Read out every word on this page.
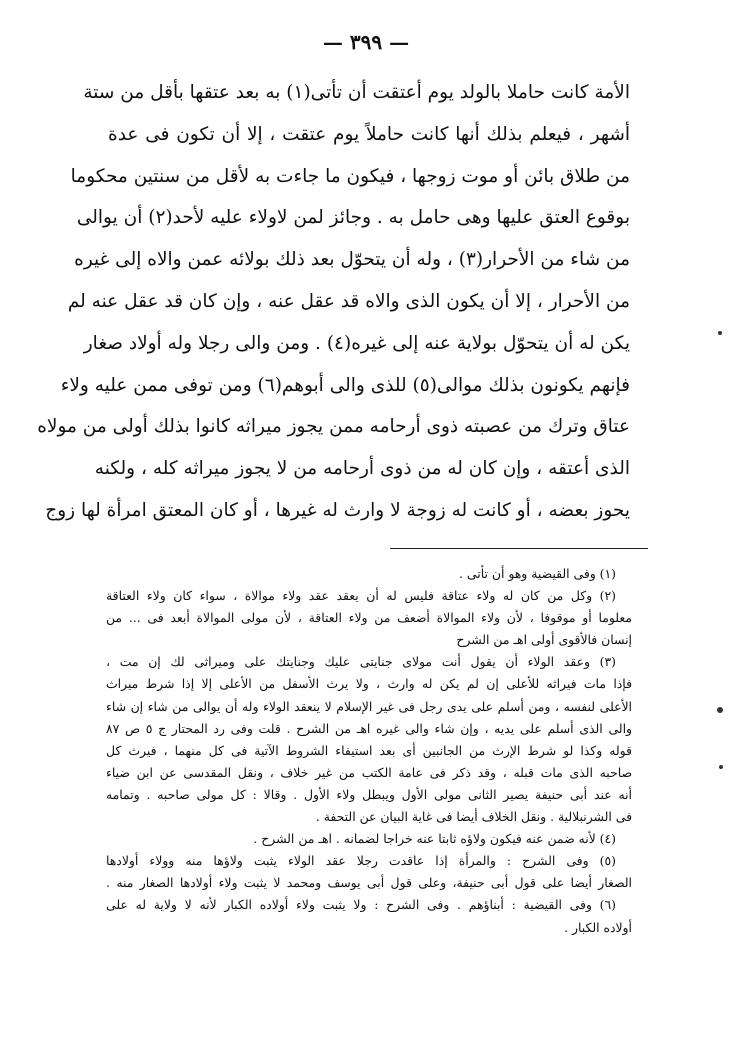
— ٣٩٩ —
الأمة كانت حاملا بالولد يوم أعتقت أن تأتى(١) به بعد عتقها بأقل من ستة
أشهر ، فيعلم بذلك أنها كانت حاملاً يوم عتقت ، إلا أن تكون فى عدة
من طلاق بائن أو موت زوجها ، فيكون ما جاءت به لأقل من سنتين محكوما
بوقوع العتق عليها وهى حامل به . وجائز لمن لاولاء عليه لأحد(٢) أن يوالى
من شاء من الأحرار(٣) ، وله أن يتحوّل بعد ذلك بولائه عمن والاه إلى غيره
من الأحرار ، إلا أن يكون الذى والاه قد عقل عنه ، وإن كان قد عقل عنه لم
يكن له أن يتحوّل بولاية عنه إلى غيره(٤) . ومن والى رجلا وله أولاد صغار
فإنهم يكونون بذلك موالى(٥) للذى والى أبوهم(٦) ومن توفى ممن عليه ولاء
عتاق وترك من عصبته ذوى أرحامه ممن يجوز ميراثه كانوا بذلك أولى من مولاه
الذى أعتقه ، وإن كان له من ذوى أرحامه من لا يجوز ميراثه كله ، ولكنه
يحوز بعضه ، أو كانت له زوجة لا وارث له غيرها ، أو كان المعتق امرأة لها زوج
(١) وفى القيضية وهو أن تأتى .
(٢) وكل من كان له ولاء عتاقة فليس له أن يعقد عقد ولاء موالاة ، سواء كان ولاء العتاقة
معلوما أو موقوفا ، لأن ولاء الموالاة أضعف من ولاء العتاقة ، لأن مولى الموالاة أبعد فى ... من
إنسان فالأقوى أولى اهـ من الشرح
(٣) وعقد الولاء أن يقول أنت مولاى جنايتى عليك وجنايتك على وميراثى لك إن مت ،
فإذا مات فيراثه للأعلى إن لم يكن له وارث ، ولا يرث الأسفل من الأعلى إلا إذا شرط ميراث
الأعلى لنفسه ، ومن أسلم على يدى رجل فى غير الإسلام لا ينعقد الولاء وله أن يوالى من شاء إن شاء
والى الذى أسلم على يديه ، وإن شاء والى غيره اهـ من الشرح . قلت وفى رد المحتار ج ٥ ص ٨٧
قوله وكذا لو شرط الإرث من الجانبين أى بعد استيفاء الشروط الآتية فى كل منهما ، فيرث كل
صاحبه الذى مات قبله ، وقد ذكر فى عامة الكتب من غير خلاف ، ونقل المقدسى عن ابن ضياء
أنه عند أبى حنيفة يصير الثانى مولى الأول ويبطل ولاء الأول . وقالا : كل مولى صاحبه . وتمامه
فى الشرنبلالية . ونقل الخلاف أيضا فى غاية البيان عن التحفة .
(٤) لأنه ضمن عنه فيكون ولاؤه ثابتا عنه خراجا لضمانه . اهـ من الشرح .
(٥) وفى الشرح : والمرأة إذا عاقدت رجلا عقد الولاء يثبت ولاؤها منه وولاء أولادها
الصغار أيضا على قول أبى حنيفة، وعلى قول أبى يوسف ومحمد لا يثبت ولاء أولادها الصغار منه .
(٦) وفى القيضية : أبناؤهم . وفى الشرح : ولا يثبت ولاء أولاده الكبار لأنه لا ولاية له على
أولاده الكبار .
